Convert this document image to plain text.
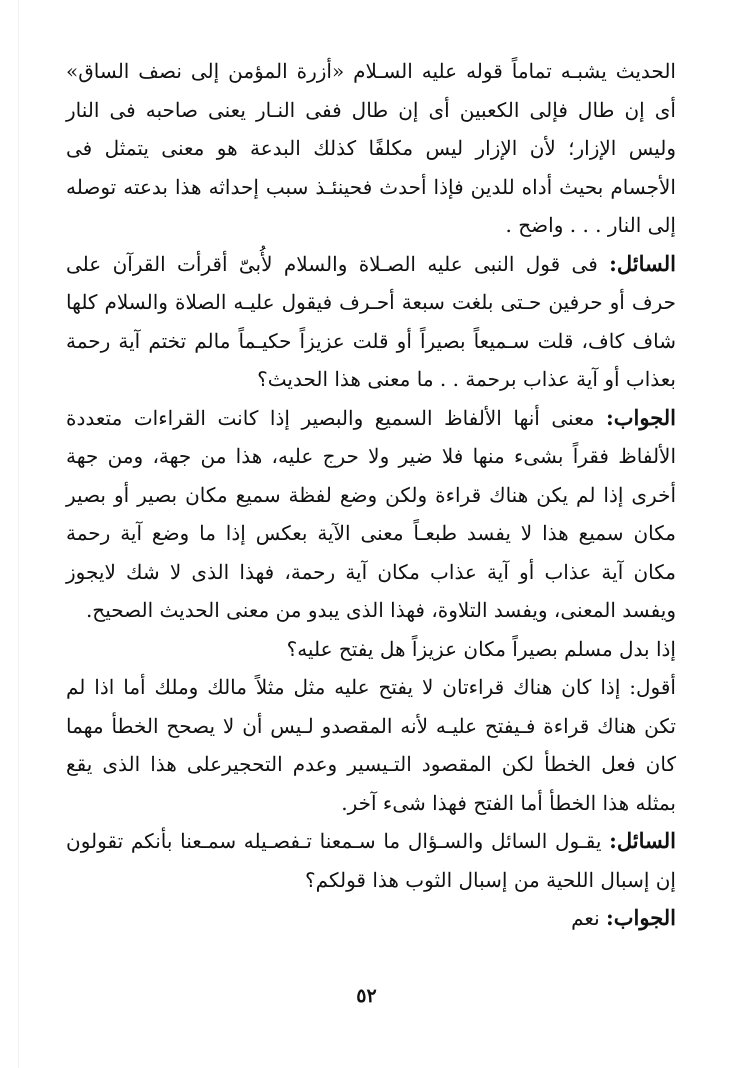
الحديث يشبـه تماماً قوله عليه السـلام «أزرة المؤمن إلى نصف الساق» أى إن طال فإلى الكعبين أى إن طال ففى النـار يعنى صاحبه فى النار وليس الإزار؛ لأن الإزار ليس مكلفًا كذلك البدعة هو معنى يتمثل فى الأجسام بحيث أداه للدين فإذا أحدث فحينئـذ سبب إحداثه هذا بدعته توصله إلى النار . . . واضح .

السائل: فى قول النبى عليه الصـلاة والسلام لأُبىّ أقرأت القرآن على حرف أو حرفين حـتى بلغت سبعة أحـرف فيقول عليـه الصلاة والسلام كلها شاف كاف، قلت سـميعاً بصيراً أو قلت عزيزاً حكيـماً مالم تختم آية رحمة بعذاب أو آية عذاب برحمة . . ما معنى هذا الحديث؟

الجواب: معنى أنها الألفاظ السميع والبصير إذا كانت القراءات متعددة الألفاظ فقراً بشىء منها فلا ضير ولا حرج عليه، هذا من جهة، ومن جهة أخرى إذا لم يكن هناك قراءة ولكن وضع لفظة سميع مكان بصير أو بصير مكان سميع هذا لا يفسد طبعـاً معنى الآية بعكس إذا ما وضع آية رحمة مكان آية عذاب أو آية عذاب مكان آية رحمة، فهذا الذى لا شك لايجوز ويفسد المعنى، ويفسد التلاوة، فهذا الذى يبدو من معنى الحديث الصحيح.

إذا بدل مسلم بصيراً مكان عزيزاً هل يفتح عليه؟

أقول: إذا كان هناك قراءتان لا يفتح عليه مثل مثلاً مالك وملك أما اذا لم تكن هناك قراءة فـيفتح عليـه لأنه المقصدو لـيس أن لا يصحح الخطأ مهما كان فعل الخطأ لكن المقصود التـيسير وعدم التحجيرعلى هذا الذى يقع بمثله هذا الخطأ أما الفتح فهذا شىء آخر.

السائل: يقـول السائل والسـؤال ما سـمعنا تـفصـيله سمـعنا بأنكم تقولون إن إسبال اللحية من إسبال الثوب هذا قولكم؟

الجواب: نعم

٥٢
